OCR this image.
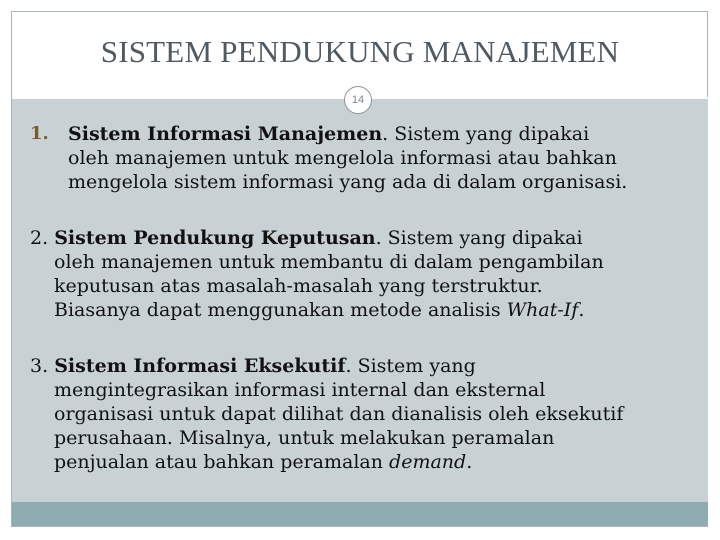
SISTEM PENDUKUNG MANAJEMEN
14
1. Sistem Informasi Manajemen. Sistem yang dipakai
oleh manajemen untuk mengelola informasi atau bahkan
mengelola sistem informasi yang ada di dalam organisasi.
2. Sistem Pendukung Keputusan. Sistem yang dipakai
oleh manajemen untuk membantu di dalam pengambilan
keputusan atas masalah-masalah yang terstruktur.
Biasanya dapat menggunakan metode analisis What-If.
3. Sistem Informasi Eksekutif. Sistem yang
mengintegrasikan informasi internal dan eksternal
organisasi untuk dapat dilihat dan dianalisis oleh eksekutif
perusahaan. Misalnya, untuk melakukan peramalan
penjualan atau bahkan peramalan demand.
